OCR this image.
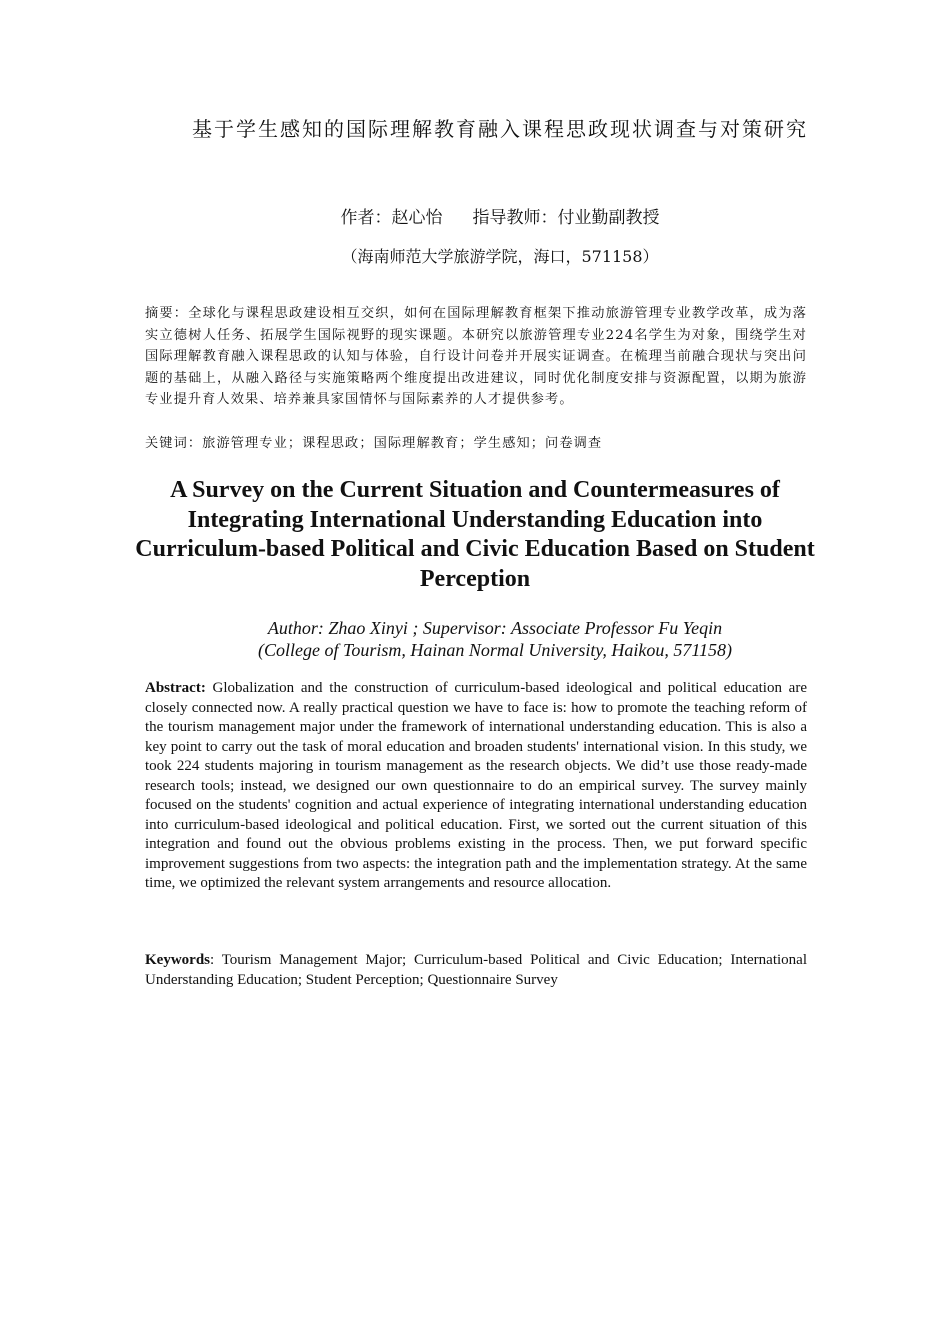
基于学生感知的国际理解教育融入课程思政现状调查与对策研究
作者：赵心怡 指导教师：付业勤副教授
（海南师范大学旅游学院，海口，571158）
摘要：全球化与课程思政建设相互交织，如何在国际理解教育框架下推动旅游管理专业教学改革，成为落实立德树人任务、拓展学生国际视野的现实课题。本研究以旅游管理专业224名学生为对象，围绕学生对国际理解教育融入课程思政的认知与体验，自行设计问卷并开展实证调查。在梳理当前融合现状与突出问题的基础上，从融入路径与实施策略两个维度提出改进建议，同时优化制度安排与资源配置，以期为旅游专业提升育人效果、培养兼具家国情怀与国际素养的人才提供参考。
关键词：旅游管理专业；课程思政；国际理解教育；学生感知；问卷调查
A Survey on the Current Situation and Countermeasures of Integrating International Understanding Education into Curriculum-based Political and Civic Education Based on Student Perception
Author: Zhao Xinyi ; Supervisor: Associate Professor Fu Yeqin
(College of Tourism, Hainan Normal University, Haikou, 571158)
Abstract: Globalization and the construction of curriculum-based ideological and political education are closely connected now. A really practical question we have to face is: how to promote the teaching reform of the tourism management major under the framework of international understanding education. This is also a key point to carry out the task of moral education and broaden students' international vision. In this study, we took 224 students majoring in tourism management as the research objects. We did’t use those ready-made research tools; instead, we designed our own questionnaire to do an empirical survey. The survey mainly focused on the students' cognition and actual experience of integrating international understanding education into curriculum-based ideological and political education. First, we sorted out the current situation of this integration and found out the obvious problems existing in the process. Then, we put forward specific improvement suggestions from two aspects: the integration path and the implementation strategy. At the same time, we optimized the relevant system arrangements and resource allocation.
Keywords: Tourism Management Major; Curriculum-based Political and Civic Education; International Understanding Education; Student Perception; Questionnaire Survey
